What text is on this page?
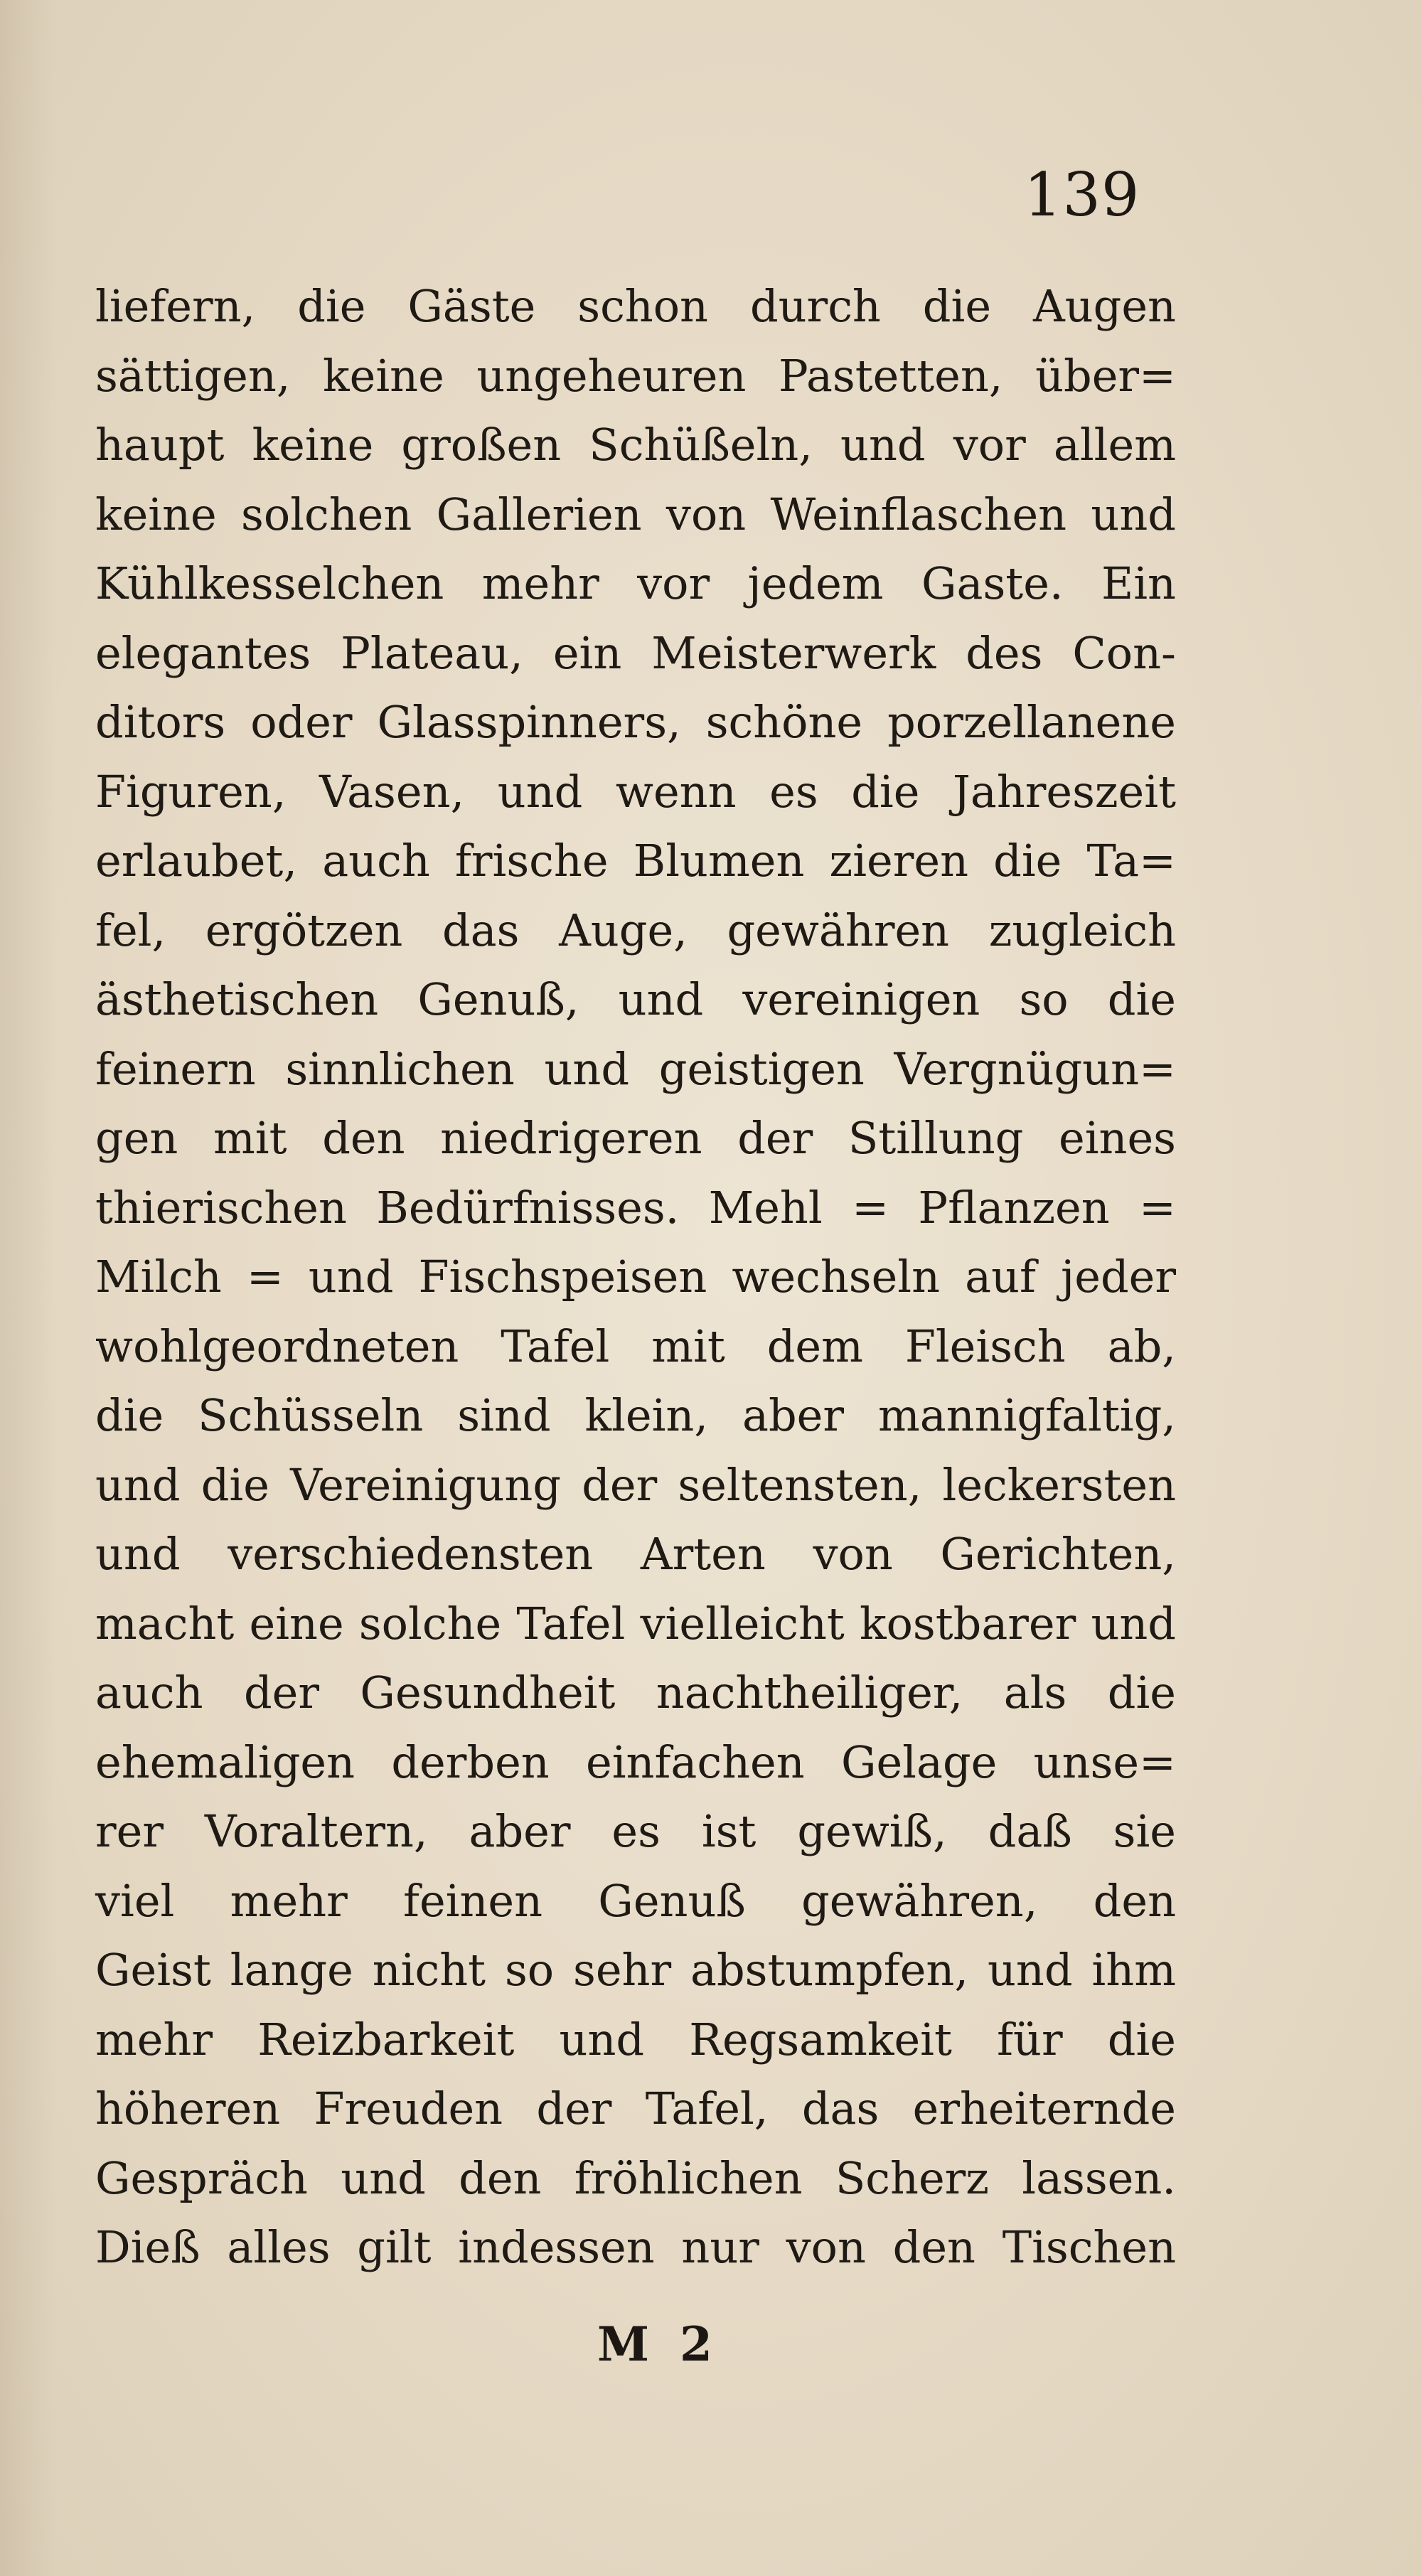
139
liefern, die Gäste schon durch die Augen
sättigen, keine ungeheuren Pastetten, über=
haupt keine großen Schüßeln, und vor allem
keine solchen Gallerien von Weinflaschen und
Kühlkesselchen mehr vor jedem Gaste. Ein
elegantes Plateau, ein Meisterwerk des Con-
ditors oder Glasspinners, schöne porzellanene
Figuren, Vasen, und wenn es die Jahreszeit
erlaubet, auch frische Blumen zieren die Ta=
fel, ergötzen das Auge, gewähren zugleich
ästhetischen Genuß, und vereinigen so die
feinern sinnlichen und geistigen Vergnügun=
gen mit den niedrigeren der Stillung eines
thierischen Bedürfnisses. Mehl = Pflanzen =
Milch = und Fischspeisen wechseln auf jeder
wohlgeordneten Tafel mit dem Fleisch ab,
die Schüsseln sind klein, aber mannigfaltig,
und die Vereinigung der seltensten, leckersten
und verschiedensten Arten von Gerichten,
macht eine solche Tafel vielleicht kostbarer und
auch der Gesundheit nachtheiliger, als die
ehemaligen derben einfachen Gelage unse=
rer Voraltern, aber es ist gewiß, daß sie
viel mehr feinen Genuß gewähren, den
Geist lange nicht so sehr abstumpfen, und ihm
mehr Reizbarkeit und Regsamkeit für die
höheren Freuden der Tafel, das erheiternde
Gespräch und den fröhlichen Scherz lassen.
Dieß alles gilt indessen nur von den Tischen
M 2
